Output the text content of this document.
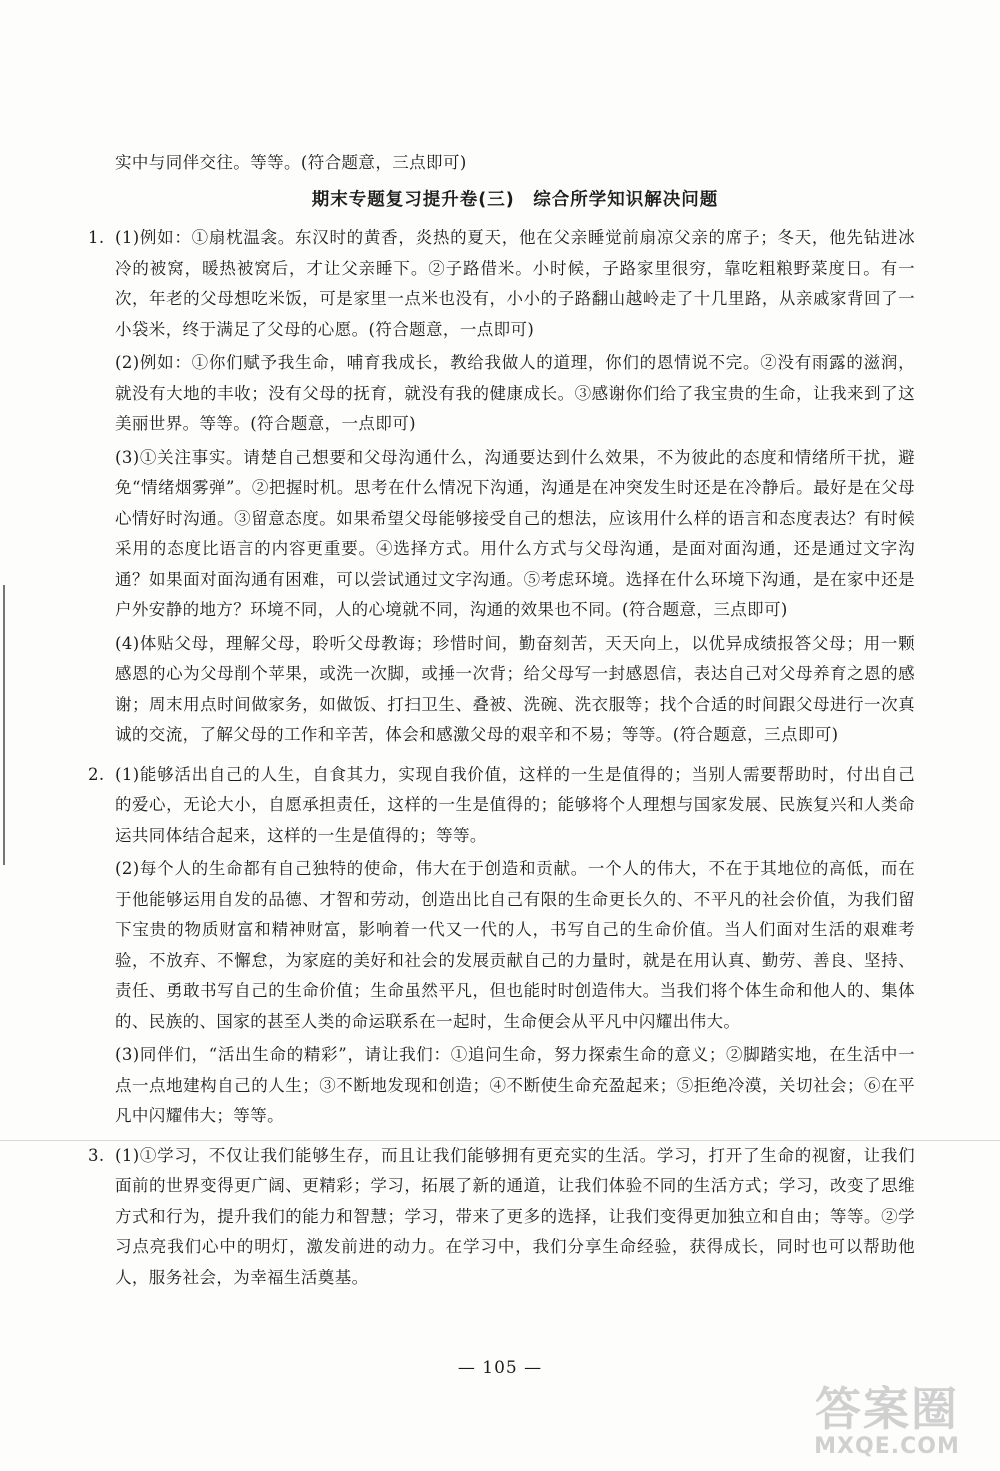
实中与同伴交往。等等。(符合题意，三点即可)

期末专题复习提升卷(三)　综合所学知识解决问题
1. (1)例如：①扇枕温衾。东汉时的黄香，炎热的夏天，他在父亲睡觉前扇凉父亲的席子；冬天，他先钻进冰冷的被窝，暖热被窝后，才让父亲睡下。②子路借米。小时候，子路家里很穷，靠吃粗粮野菜度日。有一次，年老的父母想吃米饭，可是家里一点米也没有，小小的子路翻山越岭走了十几里路，从亲戚家背回了一小袋米，终于满足了父母的心愿。(符合题意，一点即可)

(2)例如：①你们赋予我生命，哺育我成长，教给我做人的道理，你们的恩情说不完。②没有雨露的滋润，就没有大地的丰收；没有父母的抚育，就没有我的健康成长。③感谢你们给了我宝贵的生命，让我来到了这美丽世界。等等。(符合题意，一点即可)

(3)①关注事实。请楚自己想要和父母沟通什么，沟通要达到什么效果，不为彼此的态度和情绪所干扰，避免“情绪烟雾弹”。②把握时机。思考在什么情况下沟通，沟通是在冲突发生时还是在冷静后。最好是在父母心情好时沟通。③留意态度。如果希望父母能够接受自己的想法，应该用什么样的语言和态度表达？有时候采用的态度比语言的内容更重要。④选择方式。用什么方式与父母沟通，是面对面沟通，还是通过文字沟通？如果面对面沟通有困难，可以尝试通过文字沟通。⑤考虑环境。选择在什么环境下沟通，是在家中还是户外安静的地方？环境不同，人的心境就不同，沟通的效果也不同。(符合题意，三点即可)

(4)体贴父母，理解父母，聆听父母教诲；珍惜时间，勤奋刻苦，天天向上，以优异成绩报答父母；用一颗感恩的心为父母削个苹果，或洗一次脚，或捶一次背；给父母写一封感恩信，表达自己对父母养育之恩的感谢；周末用点时间做家务，如做饭、打扫卫生、叠被、洗碗、洗衣服等；找个合适的时间跟父母进行一次真诚的交流，了解父母的工作和辛苦，体会和感激父母的艰辛和不易；等等。(符合题意，三点即可)

2. (1)能够活出自己的人生，自食其力，实现自我价值，这样的一生是值得的；当别人需要帮助时，付出自己的爱心，无论大小，自愿承担责任，这样的一生是值得的；能够将个人理想与国家发展、民族复兴和人类命运共同体结合起来，这样的一生是值得的；等等。

(2)每个人的生命都有自己独特的使命，伟大在于创造和贡献。一个人的伟大，不在于其地位的高低，而在于他能够运用自发的品德、才智和劳动，创造出比自己有限的生命更长久的、不平凡的社会价值，为我们留下宝贵的物质财富和精神财富，影响着一代又一代的人，书写自己的生命价值。当人们面对生活的艰难考验，不放弃、不懈怠，为家庭的美好和社会的发展贡献自己的力量时，就是在用认真、勤劳、善良、坚持、责任、勇敢书写自己的生命价值；生命虽然平凡，但也能时时创造伟大。当我们将个体生命和他人的、集体的、民族的、国家的甚至人类的命运联系在一起时，生命便会从平凡中闪耀出伟大。

(3)同伴们，“活出生命的精彩”，请让我们：①追问生命，努力探索生命的意义；②脚踏实地，在生活中一点一点地建构自己的人生；③不断地发现和创造；④不断使生命充盈起来；⑤拒绝冷漠，关切社会；⑥在平凡中闪耀伟大；等等。

3. (1)①学习，不仅让我们能够生存，而且让我们能够拥有更充实的生活。学习，打开了生命的视窗，让我们面前的世界变得更广阔、更精彩；学习，拓展了新的通道，让我们体验不同的生活方式；学习，改变了思维方式和行为，提升我们的能力和智慧；学习，带来了更多的选择，让我们变得更加独立和自由；等等。②学习点亮我们心中的明灯，激发前进的动力。在学习中，我们分享生命经验，获得成长，同时也可以帮助他人，服务社会，为幸福生活奠基。

— 105 —
答案圈
MXQE.COM
